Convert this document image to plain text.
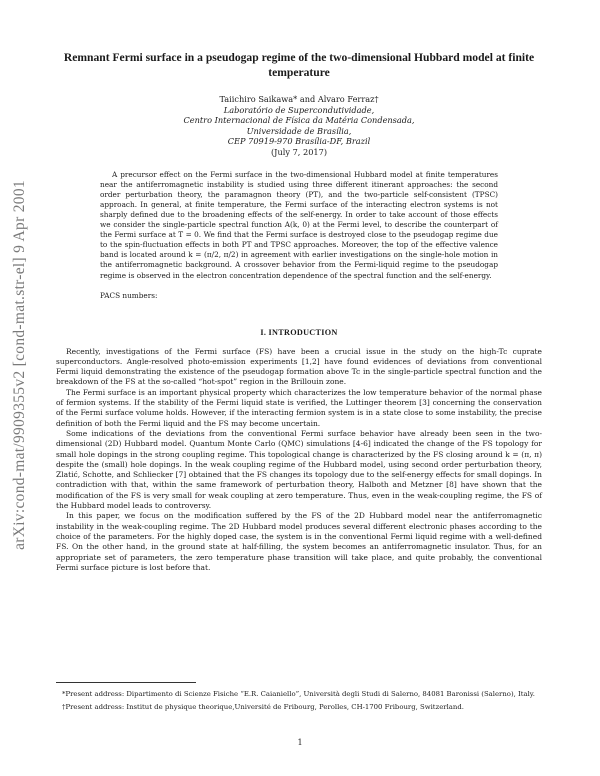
arXiv:cond-mat/9909355v2 [cond-mat.str-el] 9 Apr 2001
Remnant Fermi surface in a pseudogap regime of the two-dimensional Hubbard model at finite temperature
Taiichiro Saikawa* and Alvaro Ferraz†
Laboratório de Supercondutividade,
Centro Internacional de Física da Matéria Condensada,
Universidade de Brasília,
CEP 70919-970 Brasília-DF, Brazil
(July 7, 2017)
A precursor effect on the Fermi surface in the two-dimensional Hubbard model at finite temperatures near the antiferromagnetic instability is studied using three different itinerant approaches: the second order perturbation theory, the paramagnon theory (PT), and the two-particle self-consistent (TPSC) approach. In general, at finite temperature, the Fermi surface of the interacting electron systems is not sharply defined due to the broadening effects of the self-energy. In order to take account of those effects we consider the single-particle spectral function A(k, 0) at the Fermi level, to describe the counterpart of the Fermi surface at T = 0. We find that the Fermi surface is destroyed close to the pseudogap regime due to the spin-fluctuation effects in both PT and TPSC approaches. Moreover, the top of the effective valence band is located around k = (π/2, π/2) in agreement with earlier investigations on the single-hole motion in the antiferromagnetic background. A crossover behavior from the Fermi-liquid regime to the pseudogap regime is observed in the electron concentration dependence of the spectral function and the self-energy.
PACS numbers:
I. INTRODUCTION

Recently, investigations of the Fermi surface (FS) have been a crucial issue in the study on the high-Tc cuprate superconductors. Angle-resolved photo-emission experiments [1,2] have found evidences of deviations from conventional Fermi liquid demonstrating the existence of the pseudogap formation above Tc in the single-particle spectral function and the breakdown of the FS at the so-called “hot-spot” region in the Brillouin zone.

The Fermi surface is an important physical property which characterizes the low temperature behavior of the normal phase of fermion systems. If the stability of the Fermi liquid state is verified, the Luttinger theorem [3] concerning the conservation of the Fermi surface volume holds. However, if the interacting fermion system is in a state close to some instability, the precise definition of both the Fermi liquid and the FS may become uncertain.

Some indications of the deviations from the conventional Fermi surface behavior have already been seen in the two-dimensional (2D) Hubbard model. Quantum Monte Carlo (QMC) simulations [4-6] indicated the change of the FS topology for small hole dopings in the strong coupling regime. This topological change is characterized by the FS closing around k = (π, π) despite the (small) hole dopings. In the weak coupling regime of the Hubbard model, using second order perturbation theory, Zlatić, Schotte, and Schliecker [7] obtained that the FS changes its topology due to the self-energy effects for small dopings. In contradiction with that, within the same framework of perturbation theory, Halboth and Metzner [8] have shown that the modification of the FS is very small for weak coupling at zero temperature. Thus, even in the weak-coupling regime, the FS of the Hubbard model leads to controversy.

In this paper, we focus on the modification suffered by the FS of the 2D Hubbard model near the antiferromagnetic instability in the weak-coupling regime. The 2D Hubbard model produces several different electronic phases according to the choice of the parameters. For the highly doped case, the system is in the conventional Fermi liquid regime with a well-defined FS. On the other hand, in the ground state at half-filling, the system becomes an antiferromagnetic insulator. Thus, for an appropriate set of parameters, the zero temperature phase transition will take place, and quite probably, the conventional Fermi surface picture is lost before that.

*Present address: Dipartimento di Scienze Fisiche “E.R. Caianiello”, Università degli Studi di Salerno, 84081 Baronissi (Salerno), Italy.

†Present address: Institut de physique theorique,Université de Fribourg, Perolles, CH-1700 Fribourg, Switzerland.

1
